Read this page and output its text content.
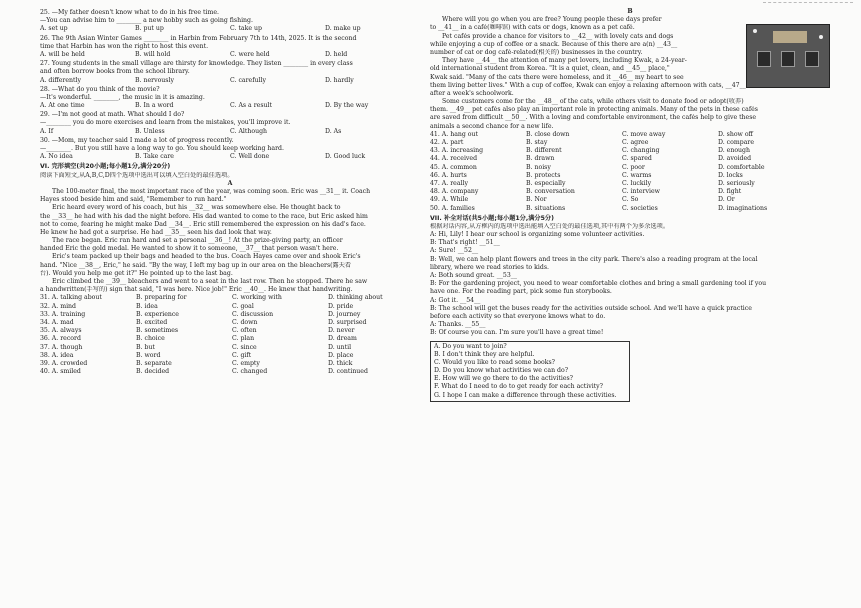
25. —My father doesn't know what to do in his free time.
—You can advise him to ________ a new hobby such as going fishing.
A. set up	B. put up	C. take up	D. make up
26. The 9th Asian Winter Games ________ in Harbin from February 7th to 14th, 2025. It is the second
time that Harbin has won the right to host this event.
A. will be held	B. will hold	C. were held	D. held
27. Young students in the small village are thirsty for knowledge. They listen ________ in every class
and often borrow books from the school library.
A. differently	B. nervously	C. carefully	D. hardly
28. —What do you think of the movie?
—It's wonderful. ________, the music in it is amazing.
A. At one time	B. In a word	C. As a result	D. By the way
29. —I'm not good at math. What should I do?
—________ you do more exercises and learn from the mistakes, you'll improve it.
A. If	B. Unless	C. Although	D. As
30. —Mom, my teacher said I made a lot of progress recently.
—________. But you still have a long way to go. You should keep working hard.
A. No idea	B. Take care	C. Well done	D. Good luck
VI. 完形填空(共20小题;每小题1分,满分20分)
阅读下面短文,从A,B,C,D四个选项中选出可以填入空白处的最佳选项。
A
The 100-meter final, the most important race of the year, was coming soon. Eric was __31__ it. Coach
Hayes stood beside him and said, "Remember to run hard."
Eric heard every word of his coach, but his __32__ was somewhere else. He thought back to
the __33__ he had with his dad the night before. His dad wanted to come to the race, but Eric asked him
not to come, fearing he might make Dad __34__. Eric still remembered the expression on his dad's face.
He knew he had got a surprise. He had __35__ seen his dad look that way.
The race began. Eric ran hard and set a personal __36__! At the prize-giving party, an officer
handed Eric the gold medal. He wanted to show it to someone, __37__ that person wasn't here.
Eric's team packed up their bags and headed to the bus. Coach Hayes came over and shook Eric's
hand. "Nice __38__, Eric," he said. "By the way, I left my bag up in our area on the bleachers(露天看
台). Would you help me get it?" He pointed up to the last bag.
Eric climbed the __39__ bleachers and went to a seat in the last row. Then he stopped. There he saw
a handwritten(手写的) sign that said, "I was here. Nice job!" Eric __40__. He knew that handwriting.
31. A. talking about	B. preparing for	C. working with	D. thinking about
32. A. mind	B. idea	C. goal	D. pride
33. A. training	B. experience	C. discussion	D. journey
34. A. mad	B. excited	C. down	D. surprised
35. A. always	B. sometimes	C. often	D. never
36. A. record	B. choice	C. plan	D. dream
37. A. though	B. but	C. since	D. until
38. A. idea	B. word	C. gift	D. place
39. A. crowded	B. separate	C. empty	D. thick
40. A. smiled	B. decided	C. changed	D. continued
B
Where will you go when you are free? Young people these days prefer
to __41__ in a café(咖啡馆) with cats or dogs, known as a pet café.
Pet cafés provide a chance for visitors to __42__ with lovely cats and dogs
while enjoying a cup of coffee or a snack. Because of this there are a(n) __43__
number of cat or dog café-related(相关的) businesses in the country.
They have __44__ the attention of many pet lovers, including Kwak, a 24-year-
old international student from Korea. "It is a quiet, clean, and __45__ place,"
Kwak said. "Many of the cats there were homeless, and it __46__ my heart to see
them living better lives." With a cup of coffee, Kwak can enjoy a relaxing afternoon with cats, __47__
after a week's schoolwork.
Some customers come for the __48__ of the cats, while others visit to donate food or adopt(收养)
them. __49__ pet cafés also play an important role in protecting animals. Many of the pets in these cafés
are saved from difficult __50__. With a loving and comfortable environment, the cafés help to give these
animals a second chance for a new life.
41. A. hang out	B. close down	C. move away	D. show off
42. A. part	B. stay	C. agree	D. compare
43. A. increasing	B. different	C. changing	D. enough
44. A. received	B. drawn	C. spared	D. avoided
45. A. common	B. noisy	C. poor	D. comfortable
46. A. hurts	B. protects	C. warms	D. locks
47. A. really	B. especially	C. luckily	D. seriously
48. A. company	B. conversation	C. interview	D. fight
49. A. While	B. Nor	C. So	D. Or
50. A. families	B. situations	C. societies	D. imaginations
VII. 补全对话(共5小题;每小题1分,满分5分)
根据对话内容,从方框内的选项中选出能填入空白处的最佳选项,其中有两个为多余选项。
A: Hi, Lily! I hear our school is organizing some volunteer activities.
B: That's right! __51__
A: Sure! __52__
B: Well, we can help plant flowers and trees in the city park. There's also a reading program at the local
library, where we read stories to kids.
A: Both sound great. __53__
B: For the gardening project, you need to wear comfortable clothes and bring a small gardening tool if you
have one. For the reading part, pick some fun storybooks.
A: Got it. __54__
B: The school will get the buses ready for the activities outside school. And we'll have a quick practice
before each activity so that everyone knows what to do.
A: Thanks. __55__
B: Of course you can. I'm sure you'll have a great time!
A. Do you want to join?
B. I don't think they are helpful.
C. Would you like to read some books?
D. Do you know what activities we can do?
E. How will we go there to do the activities?
F. What do I need to do to get ready for each activity?
G. I hope I can make a difference through these activities.
